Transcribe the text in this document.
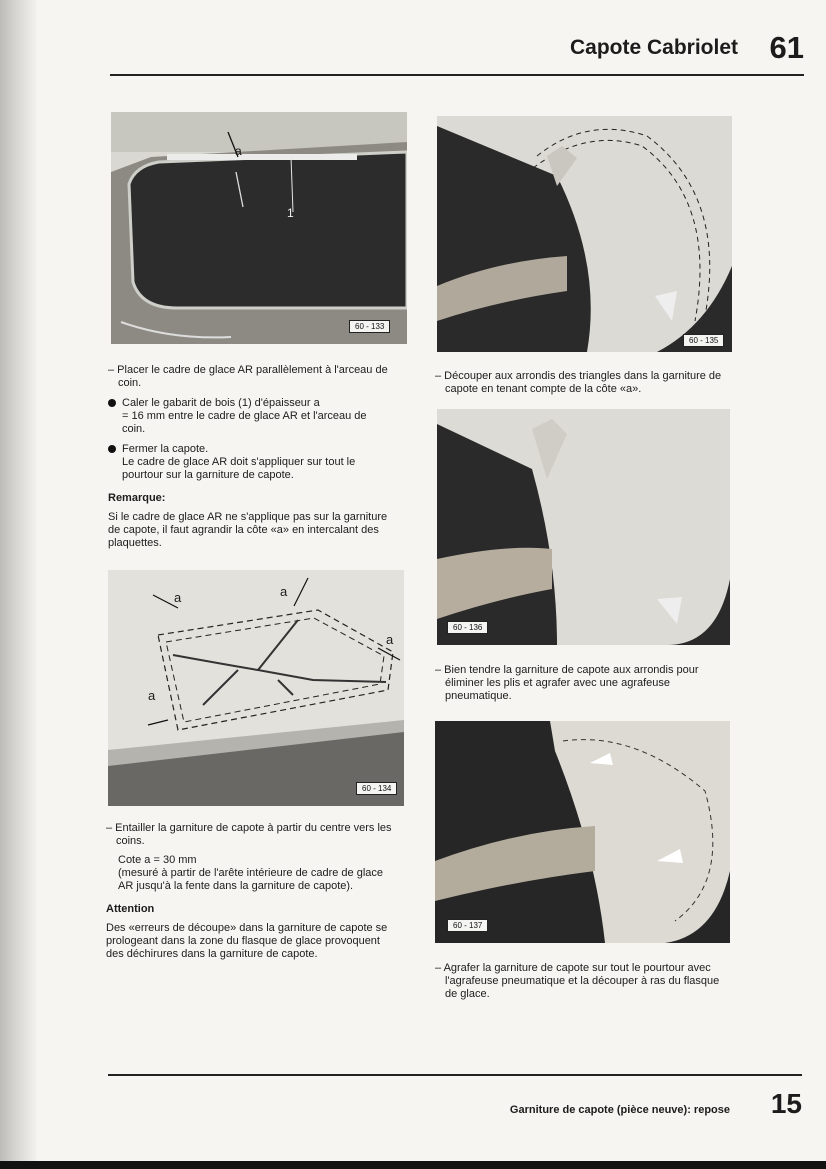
Capote Cabriolet 61
a
1
60 - 133
– Placer le cadre de glace AR parallèlement à l'arceau de coin.
Caler le gabarit de bois (1) d'épaisseur a
= 16 mm entre le cadre de glace AR et l'arceau de coin.
Fermer la capote.
Le cadre de glace AR doit s'appliquer sur tout le pourtour sur la garniture de capote.
Remarque:
Si le cadre de glace AR ne s'applique pas sur la garniture de capote, il faut agrandir la côte «a» en intercalant des plaquettes.
a	a
a
a
60 - 134
– Entailler la garniture de capote à partir du centre vers les coins.
Cote a = 30 mm
(mesuré à partir de l'arête intérieure de cadre de glace AR jusqu'à la fente dans la garniture de capote).
Attention
Des «erreurs de découpe» dans la garniture de capote se prologeant dans la zone du flasque de glace provoquent des déchirures dans la garniture de capote.
60 - 135
– Découper aux arrondis des triangles dans la garniture de capote en tenant compte de la côte «a».
60 - 136
– Bien tendre la garniture de capote aux arrondis pour éliminer les plis et agrafer avec une agrafeuse pneumatique.
60 - 137
– Agrafer la garniture de capote sur tout le pourtour avec l'agrafeuse pneumatique et la découper à ras du flasque de glace.
Garniture de capote (pièce neuve): repose 15
